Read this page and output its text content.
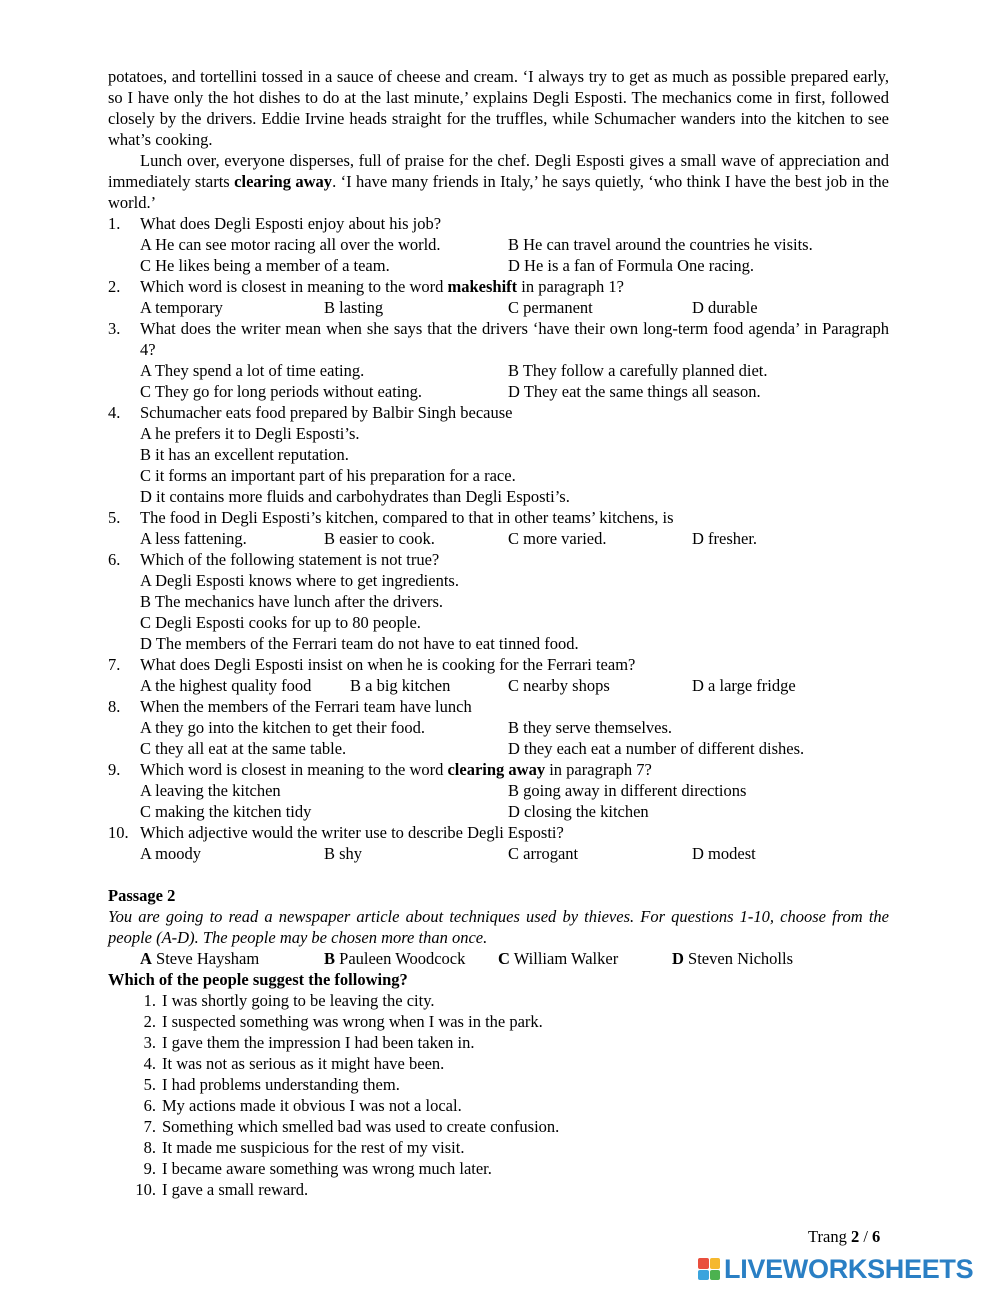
potatoes, and tortellini tossed in a sauce of cheese and cream. ‘I always try to get as much as possible prepared early, so I have only the hot dishes to do at the last minute,’ explains Degli Esposti. The mechanics come in first, followed closely by the drivers. Eddie Irvine heads straight for the truffles, while Schumacher wanders into the kitchen to see what’s cooking.

Lunch over, everyone disperses, full of praise for the chef. Degli Esposti gives a small wave of appreciation and immediately starts clearing away. ‘I have many friends in Italy,’ he says quietly, ‘who think I have the best job in the world.’

1. What does Degli Esposti enjoy about his job?
A He can see motor racing all over the world.	B He can travel around the countries he visits.
C He likes being a member of a team.	D He is a fan of Formula One racing.
2. Which word is closest in meaning to the word makeshift in paragraph 1?
A temporary	B lasting	C permanent	D durable
3. What does the writer mean when she says that the drivers ‘have their own long-term food agenda’ in Paragraph 4?
A They spend a lot of time eating.	B They follow a carefully planned diet.
C They go for long periods without eating.	D They eat the same things all season.
4. Schumacher eats food prepared by Balbir Singh because
A he prefers it to Degli Esposti’s.
B it has an excellent reputation.
C it forms an important part of his preparation for a race.
D it contains more fluids and carbohydrates than Degli Esposti’s.
5. The food in Degli Esposti’s kitchen, compared to that in other teams’ kitchens, is
A less fattening.	B easier to cook.	C more varied.	D fresher.
6. Which of the following statement is not true?
A Degli Esposti knows where to get ingredients.
B The mechanics have lunch after the drivers.
C Degli Esposti cooks for up to 80 people.
D The members of the Ferrari team do not have to eat tinned food.
7. What does Degli Esposti insist on when he is cooking for the Ferrari team?
A the highest quality food B a big kitchen	C nearby shops	D a large fridge
8. When the members of the Ferrari team have lunch
A they go into the kitchen to get their food.	B they serve themselves.
C they all eat at the same table.	D they each eat a number of different dishes.
9. Which word is closest in meaning to the word clearing away in paragraph 7?
A leaving the kitchen	B going away in different directions
C making the kitchen tidy	D closing the kitchen
10. Which adjective would the writer use to describe Degli Esposti?
A moody	B shy	C arrogant	D modest

Passage 2

You are going to read a newspaper article about techniques used by thieves. For questions 1-10, choose from the people (A-D). The people may be chosen more than once.

A Steve Haysham	B Pauleen Woodcock C William Walker	D Steven Nicholls

Which of the people suggest the following?

1. I was shortly going to be leaving the city.
2. I suspected something was wrong when I was in the park.
3. I gave them the impression I had been taken in.
4. It was not as serious as it might have been.
5. I had problems understanding them.
6. My actions made it obvious I was not a local.
7. Something which smelled bad was used to create confusion.
8. It made me suspicious for the rest of my visit.
9. I became aware something was wrong much later.
10. I gave a small reward.
Trang 2 / 6
LIVEWORKSHEETS
